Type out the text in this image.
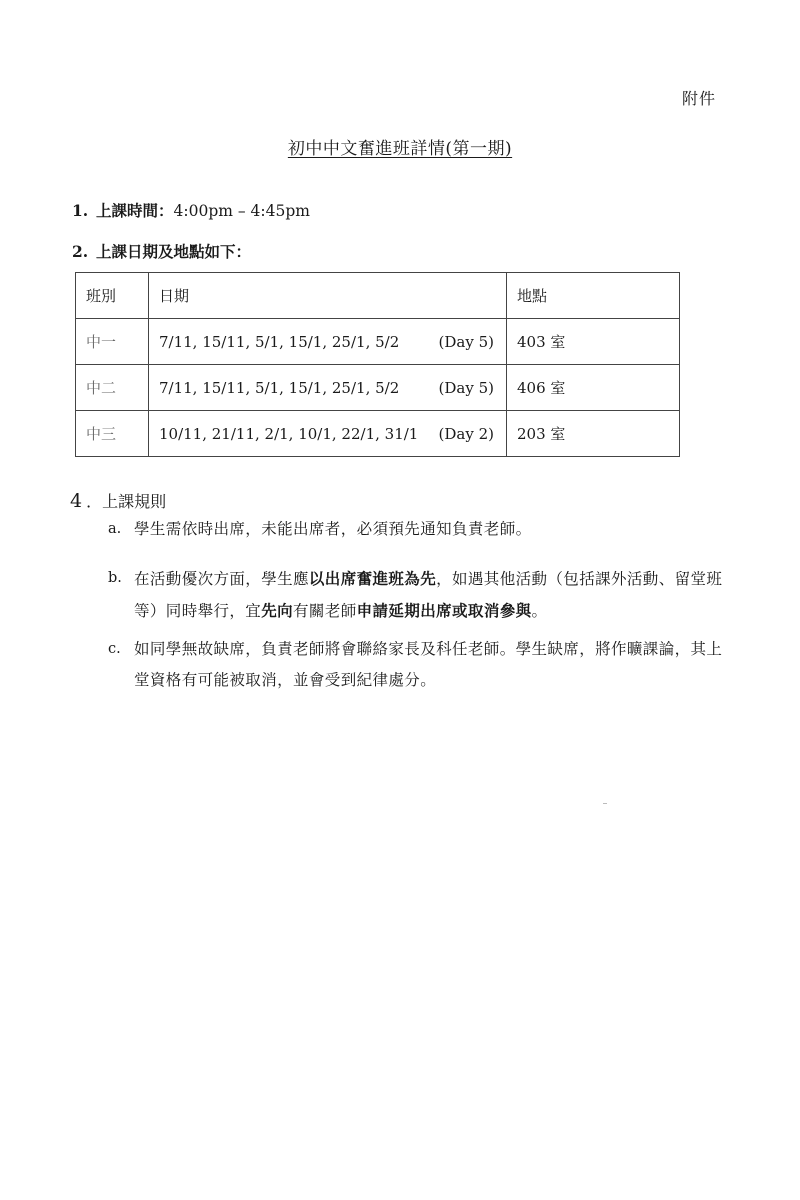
附件
初中中文奮進班詳情(第一期)
1. 上課時間：4:00pm – 4:45pm
2. 上課日期及地點如下：
班別	日期	地點
中一	7/11, 15/11, 5/1, 15/1, 25/1, 5/2 (Day 5)	403 室
中二	7/11, 15/11, 5/1, 15/1, 25/1, 5/2 (Day 5)	406 室
中三	10/11, 21/11, 2/1, 10/1, 22/1, 31/1 (Day 2)	203 室
4 ．上課規則
a. 學生需依時出席，未能出席者，必須預先通知負責老師。
b. 在活動優次方面，學生應以出席奮進班為先，如遇其他活動（包括課外活動、留堂班等）同時舉行，宜先向有關老師申請延期出席或取消參與。
c. 如同學無故缺席，負責老師將會聯絡家長及科任老師。學生缺席，將作曠課論，其上堂資格有可能被取消，並會受到紀律處分。
